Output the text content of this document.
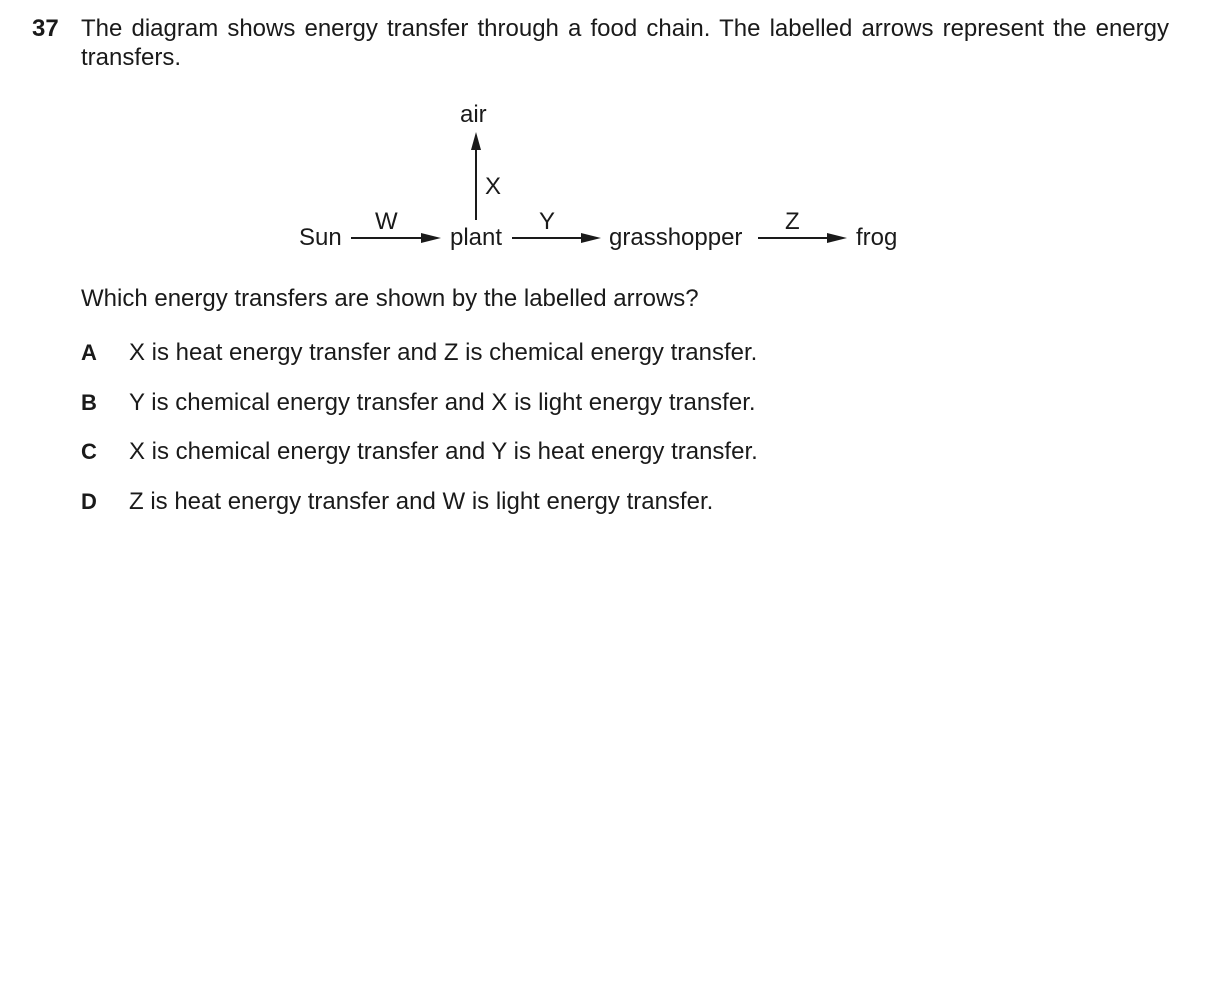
37 The diagram shows energy transfer through a food chain. The labelled arrows represent the energy transfers.
Sun	plant	grasshopper	frog
air
W
X
Y	Z
Which energy transfers are shown by the labelled arrows?
A X is heat energy transfer and Z is chemical energy transfer.
B Y is chemical energy transfer and X is light energy transfer.
C X is chemical energy transfer and Y is heat energy transfer.
D Z is heat energy transfer and W is light energy transfer.
